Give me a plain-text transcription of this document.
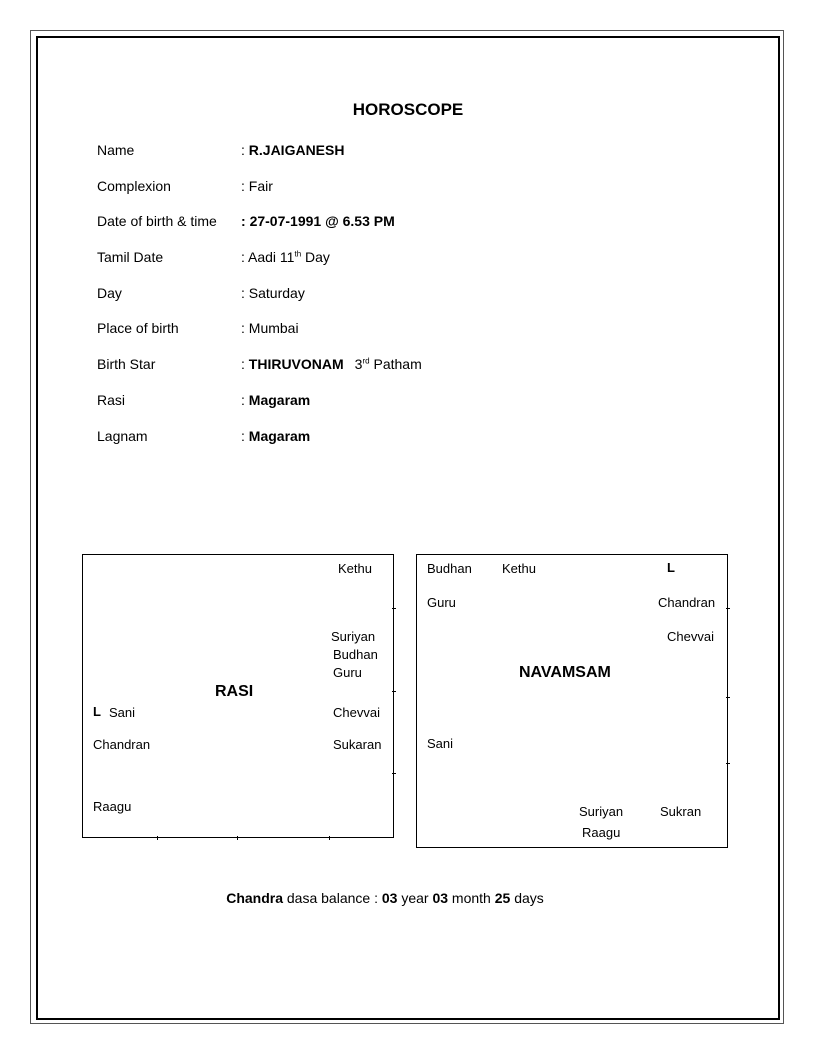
HOROSCOPE
Name	: R.JAIGANESH
Complexion	: Fair
Date of birth & time : 27-07-1991 @ 6.53 PM
Tamil Date	: Aadi 11th Day
Day	: Saturday
Place of birth	: Mumbai
Birth Star	: THIRUVONAM 3rd Patham
Rasi	: Magaram
Lagnam	: Magaram
Kethu
Suriyan
Budhan
Guru
RASI
L Sani	Chevvai
Chandran	Sukaran
Raagu
Budhan Kethu	L
Guru	Chandran
Chevvai
NAVAMSAM
Sani
Suriyan	Sukran
Raagu
Chandra dasa balance : 03 year 03 month 25 days
